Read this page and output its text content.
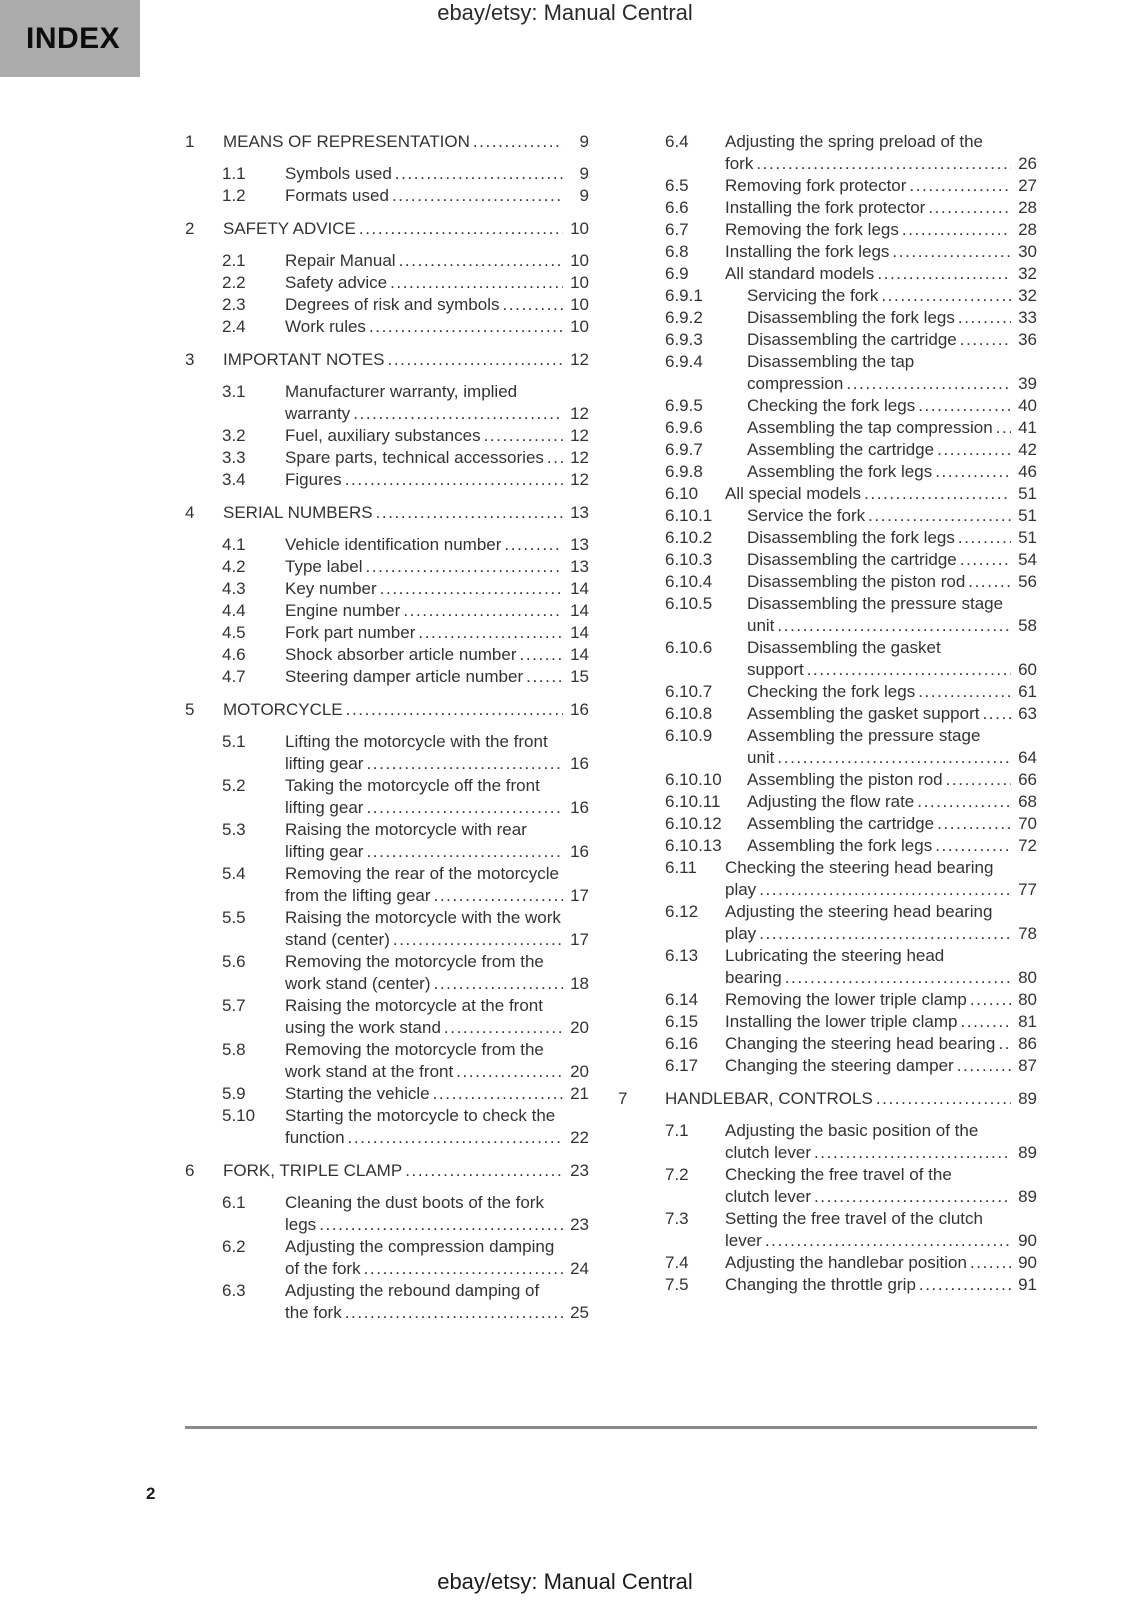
ebay/etsy: Manual Central
INDEX
1	MEANS OF REPRESENTATION .....	9
1.1	Symbols used .....	9
1.2	Formats used .....	9
2	SAFETY ADVICE .....	10
2.1	Repair Manual .....	10
2.2	Safety advice .....	10
2.3	Degrees of risk and symbols .....	10
2.4	Work rules .....	10
3	IMPORTANT NOTES .....	12
3.1	Manufacturer warranty, implied
warranty .....	12
3.2	Fuel, auxiliary substances .....	12
3.3	Spare parts, technical accessories ..... 12
3.4	Figures .....	12
4	SERIAL NUMBERS .....	13
4.1	Vehicle identification number .....	13
4.2	Type label .....	13
4.3	Key number .....	14
4.4	Engine number .....	14
4.5	Fork part number .....	14
4.6	Shock absorber article number .....	14
4.7	Steering damper article number .....	15
5	MOTORCYCLE .....	16
5.1	Lifting the motorcycle with the front
lifting gear .....	16
5.2	Taking the motorcycle off the front
lifting gear .....	16
5.3	Raising the motorcycle with rear
lifting gear .....	16
5.4	Removing the rear of the motorcycle
from the lifting gear .....	17
5.5	Raising the motorcycle with the work
stand (center) .....	17
5.6	Removing the motorcycle from the
work stand (center) .....	18
5.7	Raising the motorcycle at the front
using the work stand .....	20
5.8	Removing the motorcycle from the
work stand at the front .....	20
5.9	Starting the vehicle .....	21
5.10	Starting the motorcycle to check the
function .....	22
6	FORK, TRIPLE CLAMP .....	23
6.1	Cleaning the dust boots of the fork
legs .....	23
6.2	Adjusting the compression damping
of the fork .....	24
6.3	Adjusting the rebound damping of
the fork .....	25
6.4	Adjusting the spring preload of the
fork .....	26
6.5	Removing fork protector .....	27
6.6	Installing the fork protector .....	28
6.7	Removing the fork legs .....	28
6.8	Installing the fork legs .....	30
6.9	All standard models .....	32
6.9.1	Servicing the fork .....	32
6.9.2	Disassembling the fork legs .....	33
6.9.3	Disassembling the cartridge .....	36
6.9.4	Disassembling the tap
compression .....	39
6.9.5	Checking the fork legs .....	40
6.9.6	Assembling the tap compression ..... 41
6.9.7	Assembling the cartridge .....	42
6.9.8	Assembling the fork legs .....	46
6.10	All special models .....	51
6.10.1	Service the fork .....	51
6.10.2	Disassembling the fork legs .....	51
6.10.3	Disassembling the cartridge .....	54
6.10.4	Disassembling the piston rod .....	56
6.10.5	Disassembling the pressure stage
unit .....	58
6.10.6	Disassembling the gasket
support .....	60
6.10.7	Checking the fork legs .....	61
6.10.8	Assembling the gasket support ..... 63
6.10.9	Assembling the pressure stage
unit .....	64
6.10.10	Assembling the piston rod .....	66
6.10.11	Adjusting the flow rate .....	68
6.10.12	Assembling the cartridge .....	70
6.10.13	Assembling the fork legs .....	72
6.11	Checking the steering head bearing
play .....	77
6.12	Adjusting the steering head bearing
play .....	78
6.13	Lubricating the steering head
bearing .....	80
6.14	Removing the lower triple clamp .....	80
6.15	Installing the lower triple clamp .....	81
6.16	Changing the steering head bearing ..... 86
6.17	Changing the steering damper .....	87
7	HANDLEBAR, CONTROLS .....	89
7.1	Adjusting the basic position of the
clutch lever .....	89
7.2	Checking the free travel of the
clutch lever .....	89
7.3	Setting the free travel of the clutch
lever .....	90
7.4	Adjusting the handlebar position .....	90
7.5	Changing the throttle grip .....	91
2
ebay/etsy: Manual Central
